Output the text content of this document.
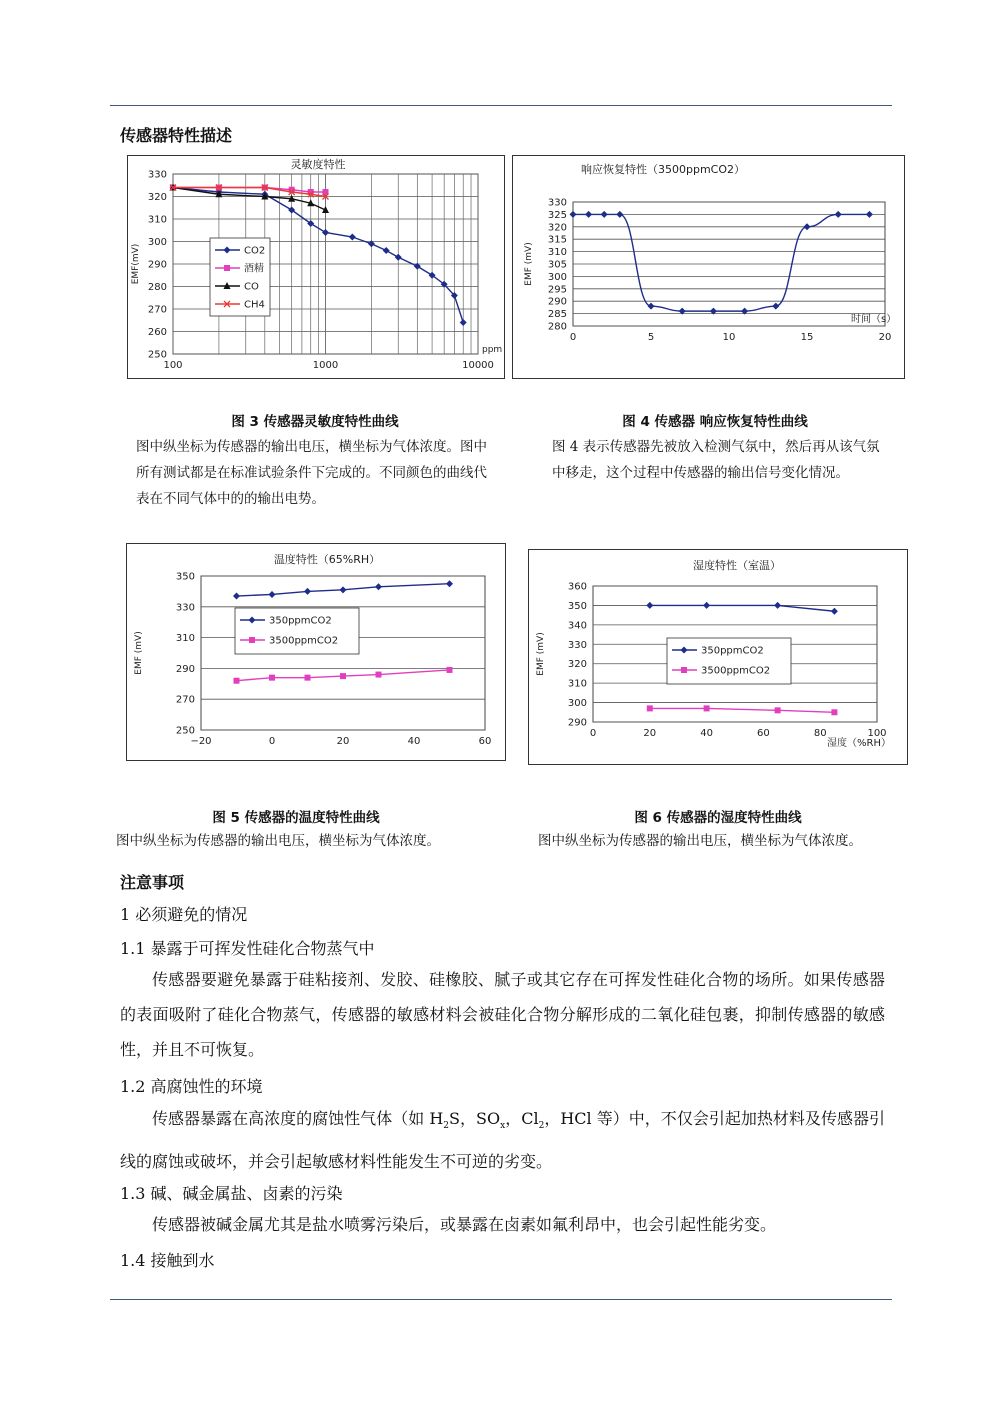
传感器特性描述
250
260
270
280
290
300
310
320
330
100	1000	10000
灵敏度特性
EMF(mV)
ppm
CO2
酒精
CO
CH4
280
285
290
295
300
305
310
315
320
325
330
0	5	10	15	20
响应恢复特性（3500ppmCO2）
EMF (mV)
时间（s）
图 3 传感器灵敏度特性曲线	图 4 传感器 响应恢复特性曲线
图中纵坐标为传感器的输出电压，横坐标为气体浓度。图中所有测试都是在标准试验条件下完成的。不同颜色的曲线代表在不同气体中的的输出电势。
图 4 表示传感器先被放入检测气氛中，然后再从该气氛中移走，这个过程中传感器的输出信号变化情况。
250
270
290
310
330
350
−20	0	20	40	60
温度特性（65%RH）
EMF (mV)
350ppmCO2
3500ppmCO2
290
300
310
320
330
340
350
360
0	20	40	60	80	100
湿度特性（室温）
EMF (mV)
湿度（%RH）
350ppmCO2
3500ppmCO2
图 5 传感器的温度特性曲线	图 6 传感器的湿度特性曲线
图中纵坐标为传感器的输出电压，横坐标为气体浓度。	图中纵坐标为传感器的输出电压，横坐标为气体浓度。
注意事项
1 必须避免的情况
1.1 暴露于可挥发性硅化合物蒸气中
传感器要避免暴露于硅粘接剂、发胶、硅橡胶、腻子或其它存在可挥发性硅化合物的场所。如果传感器的表面吸附了硅化合物蒸气，传感器的敏感材料会被硅化合物分解形成的二氧化硅包裹，抑制传感器的敏感性，并且不可恢复。
1.2 高腐蚀性的环境
传感器暴露在高浓度的腐蚀性气体（如 $H_2S$，$SO_x$，$Cl_2$，HCl 等）中，不仅会引起加热材料及传感器引线的腐蚀或破坏，并会引起敏感材料性能发生不可逆的劣变。
1.3 碱、碱金属盐、卤素的污染
传感器被碱金属尤其是盐水喷雾污染后，或暴露在卤素如氟利昂中，也会引起性能劣变。
1.4 接触到水
